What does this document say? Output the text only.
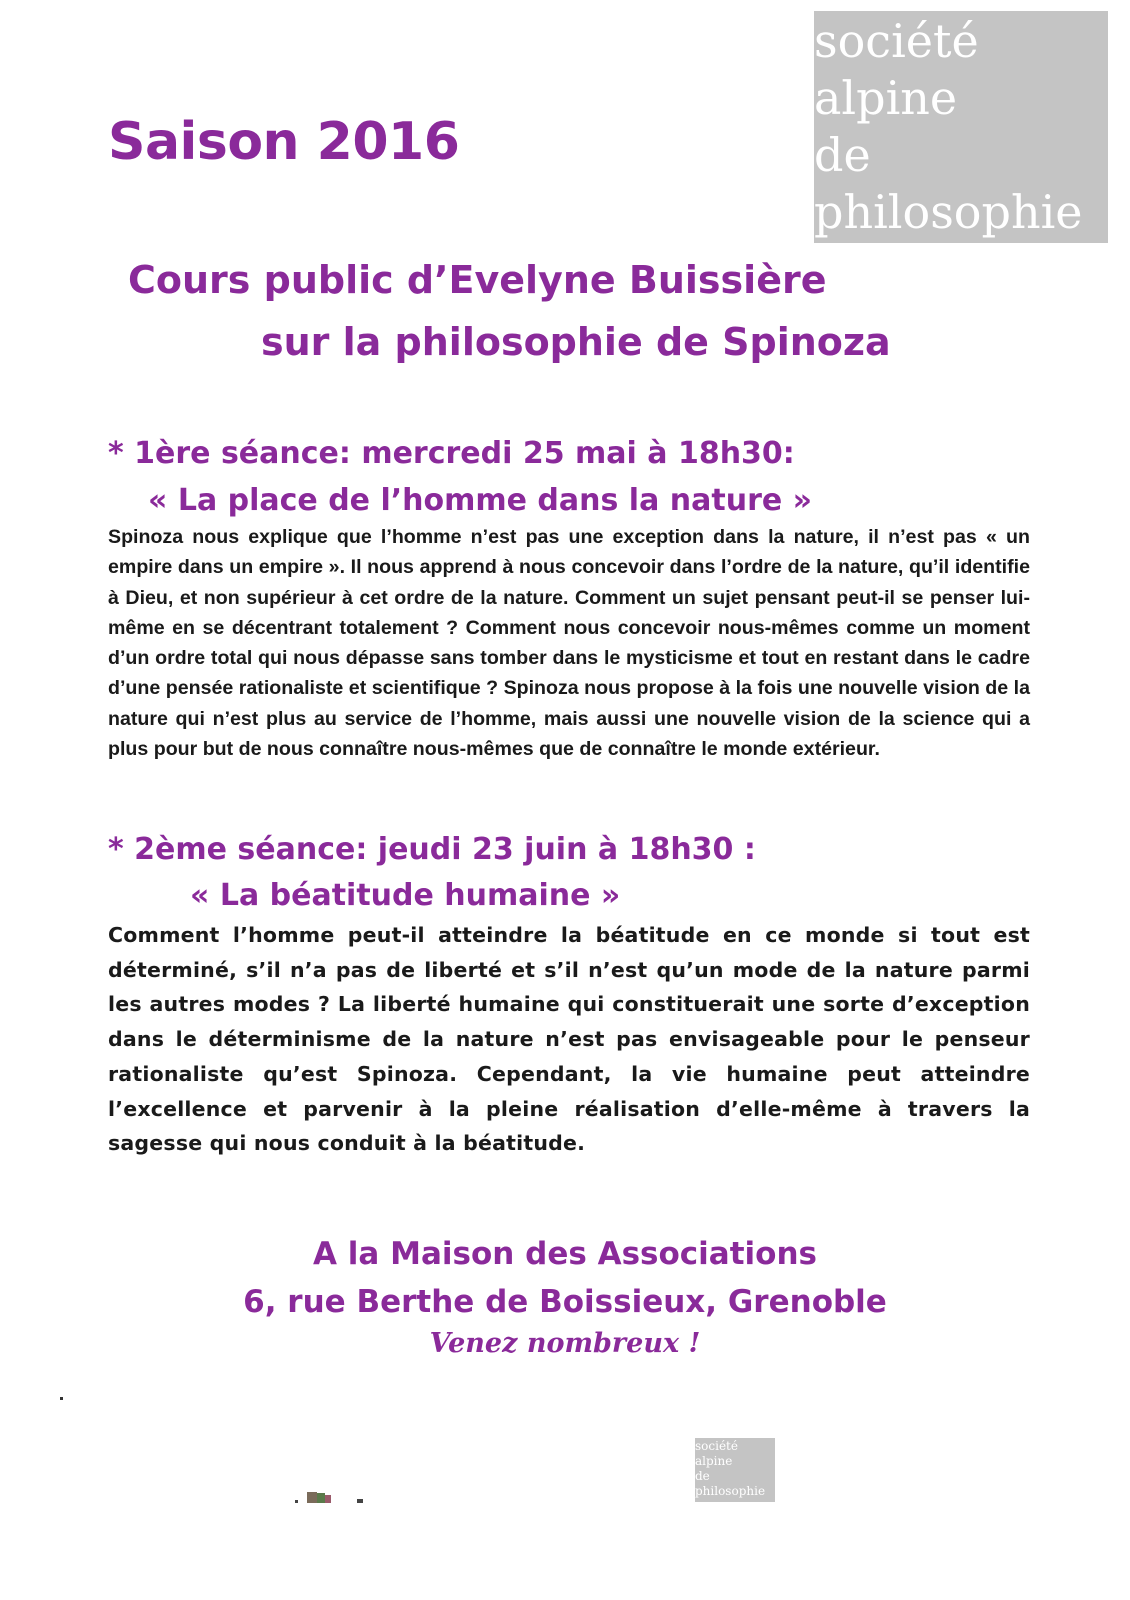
société
alpine
de
philosophie
Saison 2016
Cours public d’Evelyne Buissière
sur la philosophie de Spinoza
* 1ère séance: mercredi 25 mai à 18h30:
« La place de l’homme dans la nature »

Spinoza nous explique que l’homme n’est pas une exception dans la nature, il n’est pas « un empire dans un empire ». Il nous apprend à nous concevoir dans l’ordre de la nature, qu’il identifie à Dieu, et non supérieur à cet ordre de la nature. Comment un sujet pensant peut-il se penser lui-même en se décentrant totalement ? Comment nous concevoir nous-mêmes comme un moment d’un ordre total qui nous dépasse sans tomber dans le mysticisme et tout en restant dans le cadre d’une pensée rationaliste et scientifique ? Spinoza nous propose à la fois une nouvelle vision de la nature qui n’est plus au service de l’homme, mais aussi une nouvelle vision de la science qui a plus pour but de nous connaître nous-mêmes que de connaître le monde extérieur.

* 2ème séance: jeudi 23 juin à 18h30 :
« La béatitude humaine »

Comment l’homme peut-il atteindre la béatitude en ce monde si tout est déterminé, s’il n’a pas de liberté et s’il n’est qu’un mode de la nature parmi les autres modes ? La liberté humaine qui constituerait une sorte d’exception dans le déterminisme de la nature n’est pas envisageable pour le penseur rationaliste qu’est Spinoza. Cependant, la vie humaine peut atteindre l’excellence et parvenir à la pleine réalisation d’elle-même à travers la sagesse qui nous conduit à la béatitude.

A la Maison des Associations
6, rue Berthe de Boissieux, Grenoble
Venez nombreux !
société
alpine
de
philosophie
